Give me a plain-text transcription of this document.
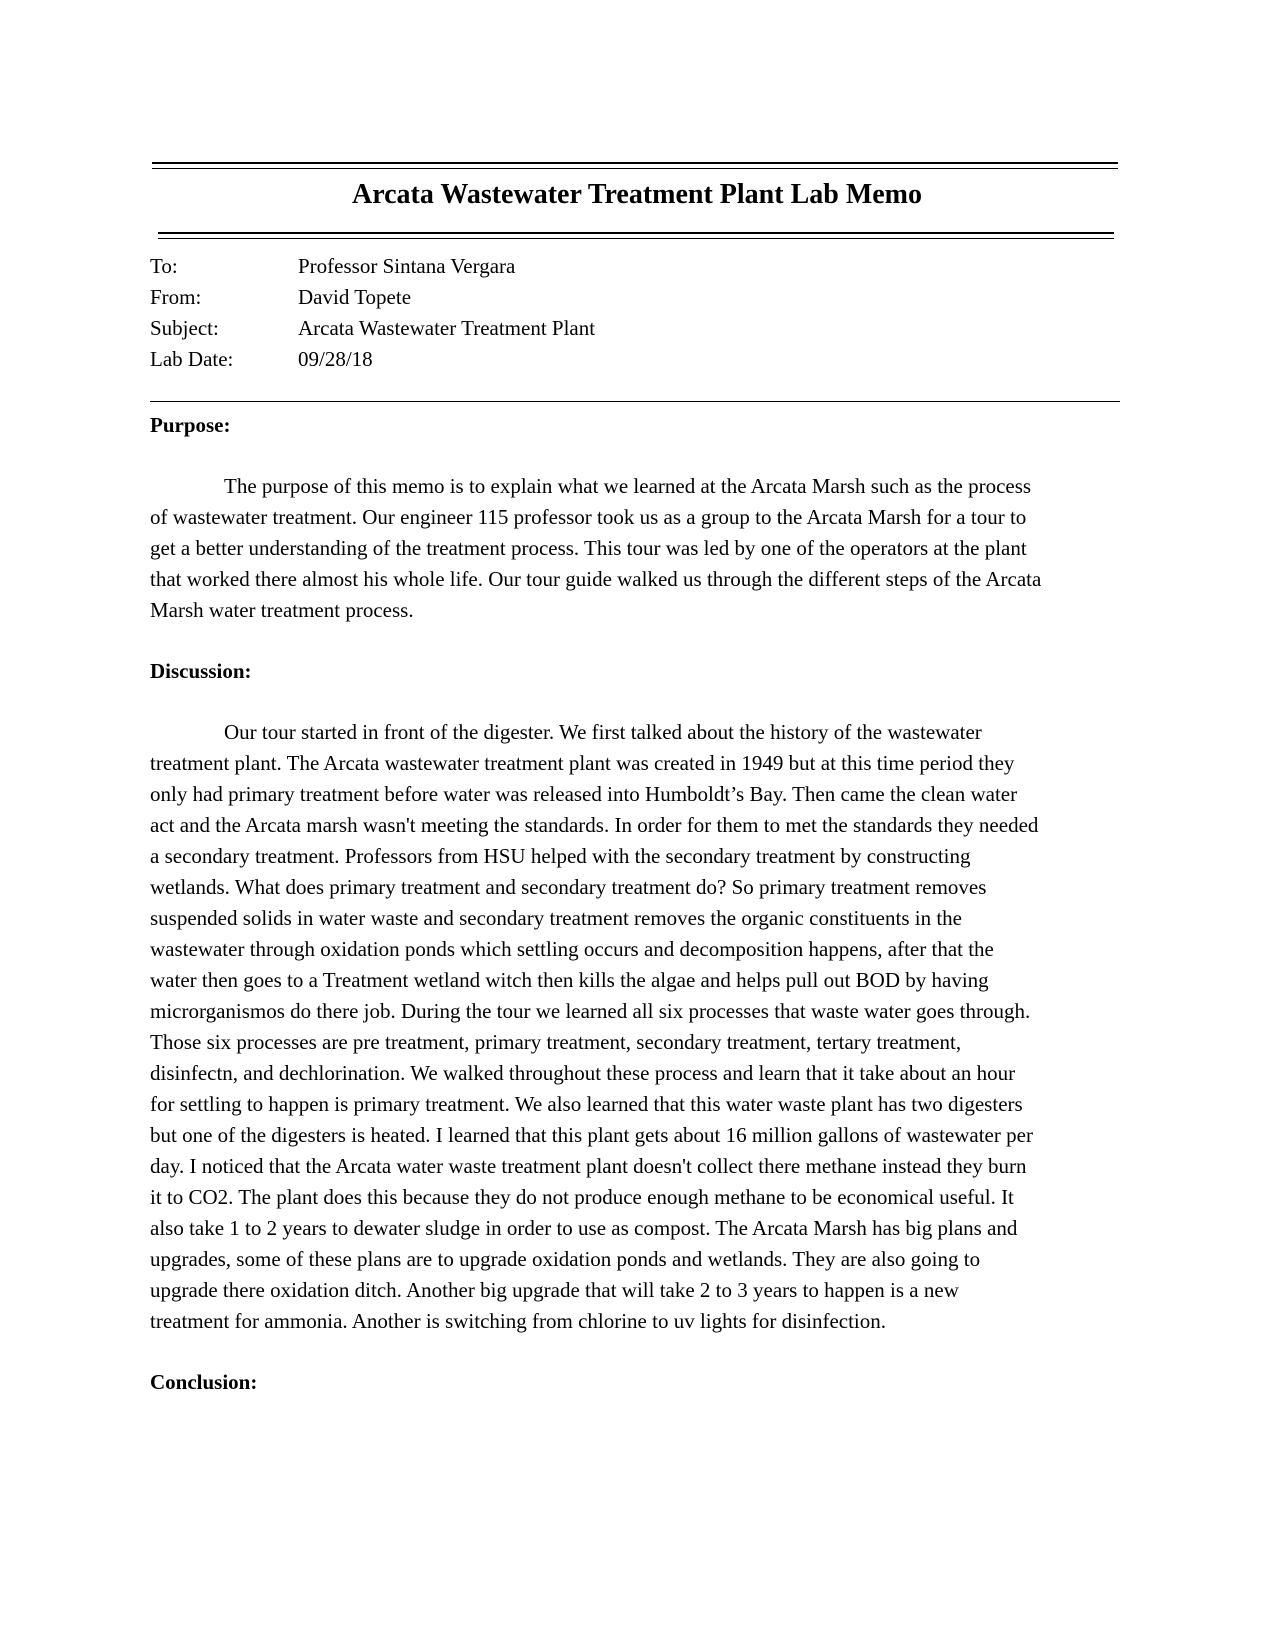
Arcata Wastewater Treatment Plant Lab Memo
To:	Professor Sintana Vergara
From:	David Topete
Subject:	Arcata Wastewater Treatment Plant
Lab Date:	09/28/18
Purpose:
The purpose of this memo is to explain what we learned at the Arcata Marsh such as the process
of wastewater treatment. Our engineer 115 professor took us as a group to the Arcata Marsh for a tour to
get a better understanding of the treatment process. This tour was led by one of the operators at the plant
that worked there almost his whole life. Our tour guide walked us through the different steps of the Arcata
Marsh water treatment process.
Discussion:
Our tour started in front of the digester. We first talked about the history of the wastewater
treatment plant. The Arcata wastewater treatment plant was created in 1949 but at this time period they
only had primary treatment before water was released into Humboldt’s Bay. Then came the clean water
act and the Arcata marsh wasn't meeting the standards. In order for them to met the standards they needed
a secondary treatment. Professors from HSU helped with the secondary treatment by constructing
wetlands. What does primary treatment and secondary treatment do? So primary treatment removes
suspended solids in water waste and secondary treatment removes the organic constituents in the
wastewater through oxidation ponds which settling occurs and decomposition happens, after that the
water then goes to a Treatment wetland witch then kills the algae and helps pull out BOD by having
microrganismos do there job. During the tour we learned all six processes that waste water goes through.
Those six processes are pre treatment, primary treatment, secondary treatment, tertary treatment,
disinfectn, and dechlorination. We walked throughout these process and learn that it take about an hour
for settling to happen is primary treatment. We also learned that this water waste plant has two digesters
but one of the digesters is heated. I learned that this plant gets about 16 million gallons of wastewater per
day. I noticed that the Arcata water waste treatment plant doesn't collect there methane instead they burn
it to CO2. The plant does this because they do not produce enough methane to be economical useful. It
also take 1 to 2 years to dewater sludge in order to use as compost. The Arcata Marsh has big plans and
upgrades, some of these plans are to upgrade oxidation ponds and wetlands. They are also going to
upgrade there oxidation ditch. Another big upgrade that will take 2 to 3 years to happen is a new
treatment for ammonia. Another is switching from chlorine to uv lights for disinfection.
Conclusion:
